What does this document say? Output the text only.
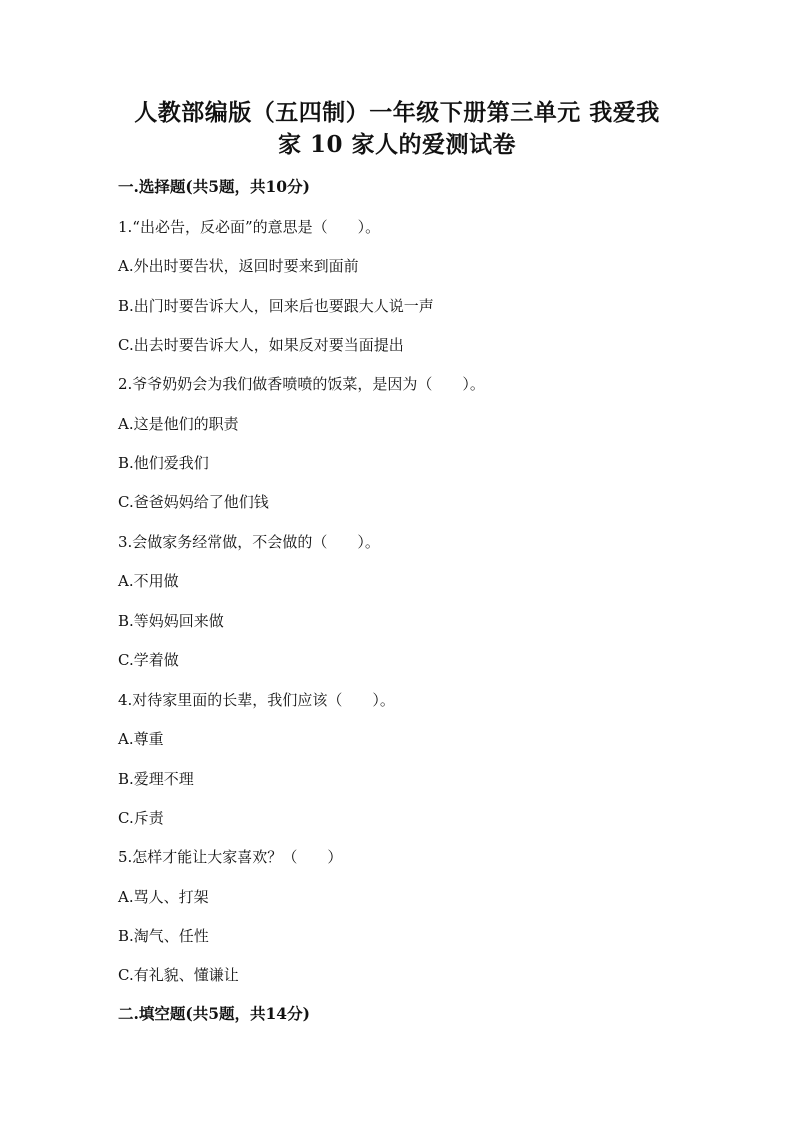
人教部编版（五四制）一年级下册第三单元 我爱我
家 10 家人的爱测试卷
一.选择题(共5题，共10分)
1.“出必告，反必面”的意思是（　　）。
A.外出时要告状，返回时要来到面前
B.出门时要告诉大人，回来后也要跟大人说一声
C.出去时要告诉大人，如果反对要当面提出
2.爷爷奶奶会为我们做香喷喷的饭菜，是因为（　　）。
A.这是他们的职责
B.他们爱我们
C.爸爸妈妈给了他们钱
3.会做家务经常做，不会做的（　　）。
A.不用做
B.等妈妈回来做
C.学着做
4.对待家里面的长辈，我们应该（　　）。
A.尊重
B.爱理不理
C.斥责
5.怎样才能让大家喜欢？（　　）
A.骂人、打架
B.淘气、任性
C.有礼貌、懂谦让
二.填空题(共5题，共14分)
